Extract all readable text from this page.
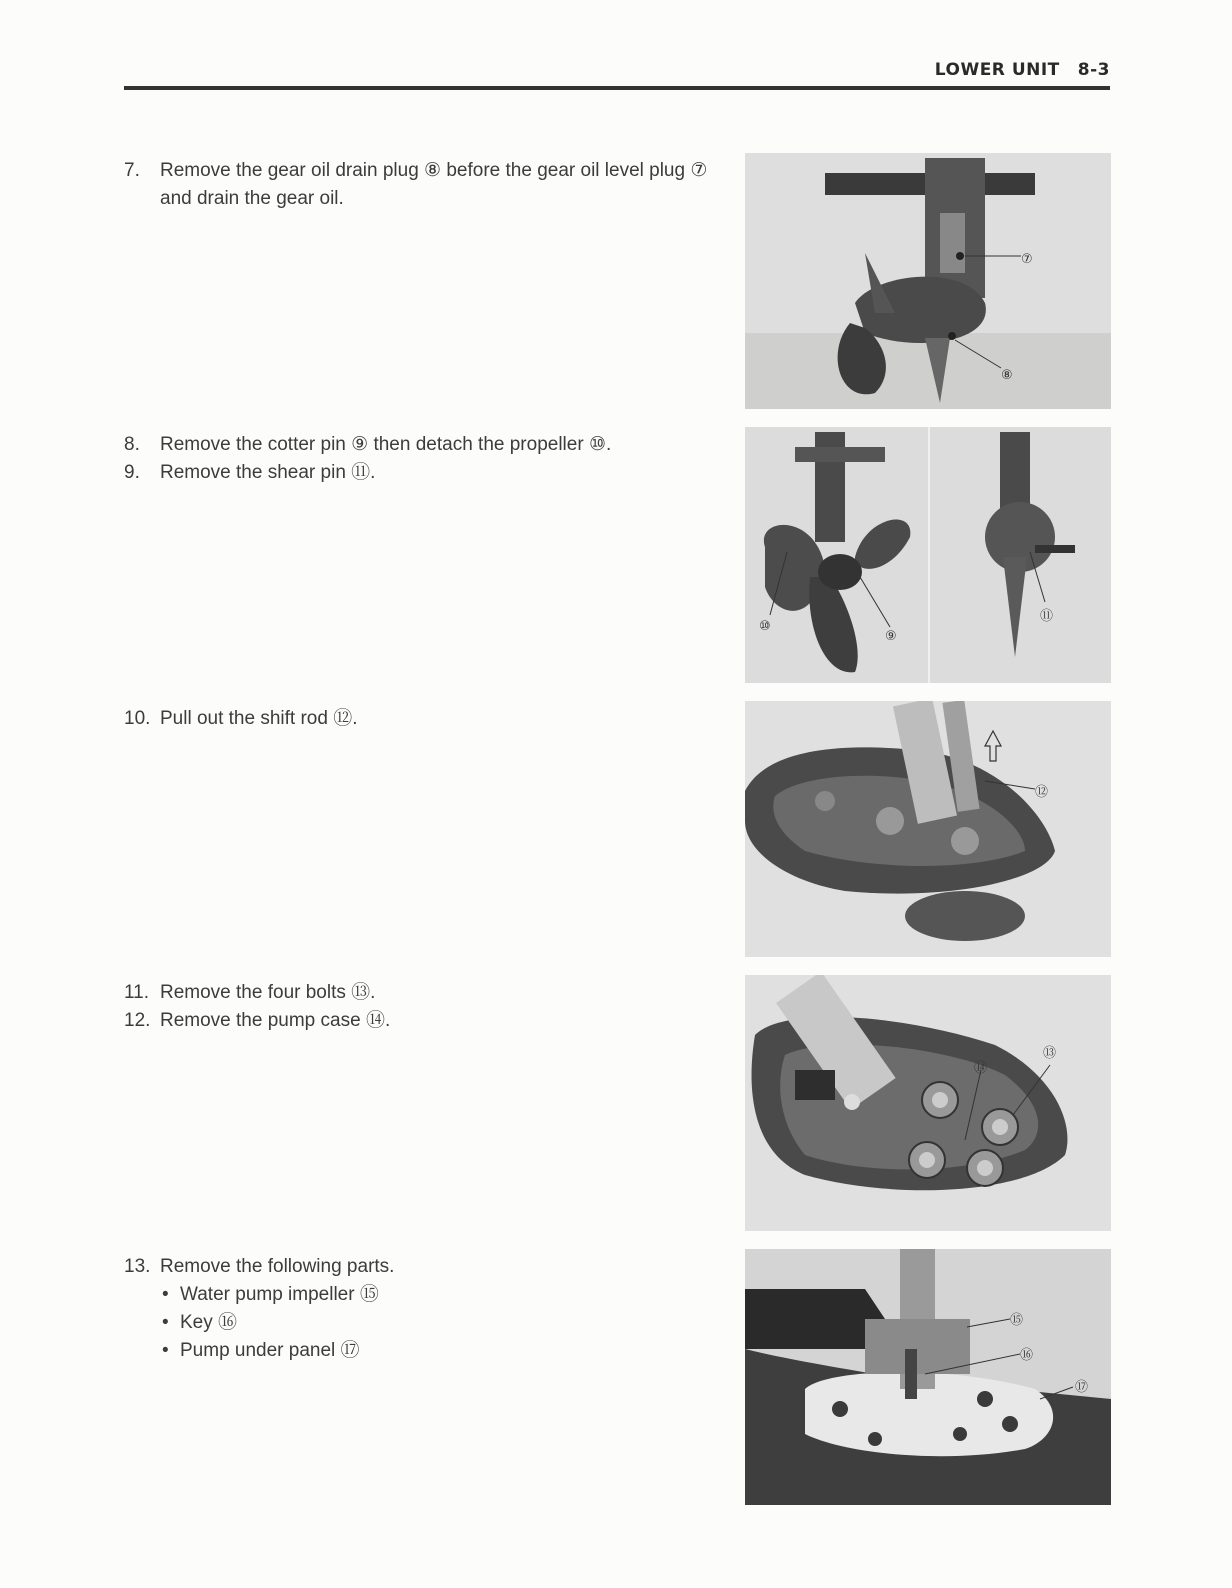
LOWER UNIT 8-3

7.	Remove the gear oil drain plug ⑧ before the gear oil level plug ⑦ and drain the gear oil.

8.	Remove the cotter pin ⑨ then detach the propeller ⑩.

9.	Remove the shear pin ⑪.

10. Pull out the shift rod ⑫.

11. Remove the four bolts ⑬.

12. Remove the pump case ⑭.

13. Remove the following parts.

• Water pump impeller ⑮

• Key ⑯

• Pump under panel ⑰

⑦
⑧
⑩
⑨
⑪
⑫
⑭
⑬
⑮
⑯
⑰
